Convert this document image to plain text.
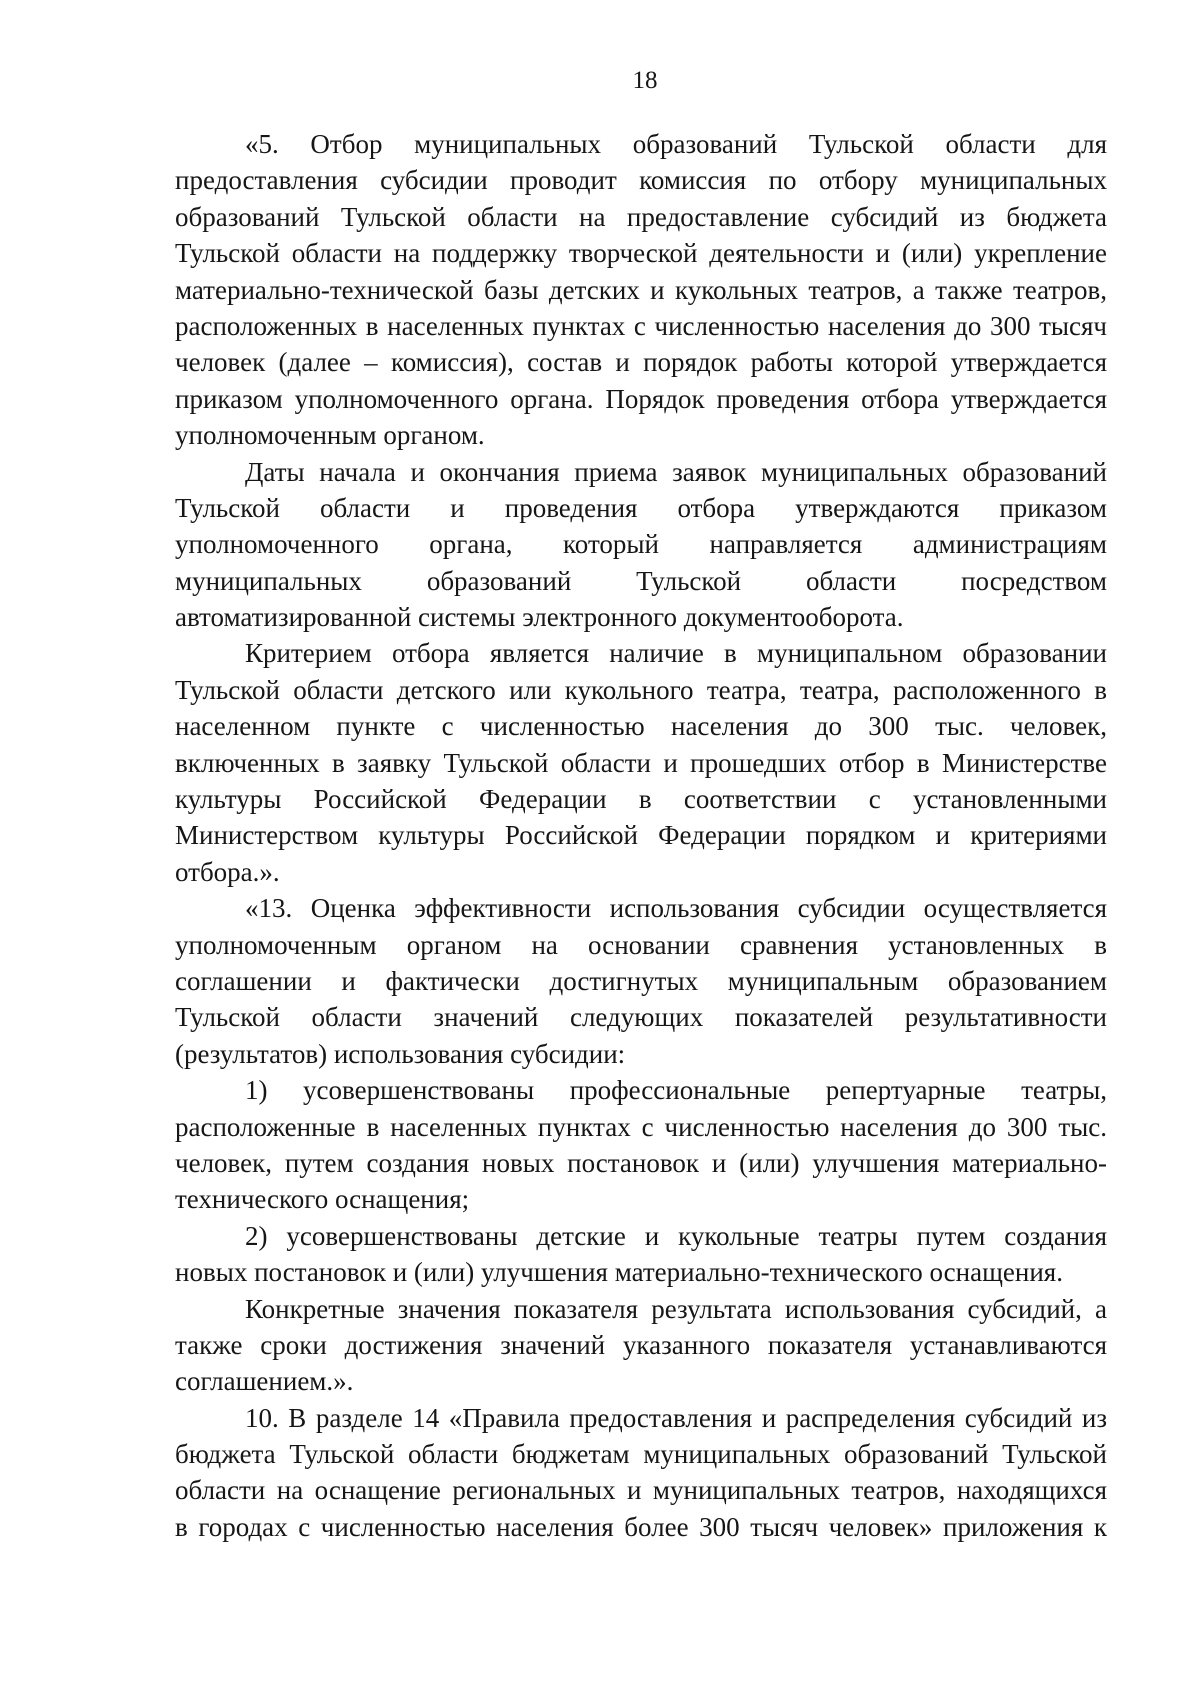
18
«5. Отбор муниципальных образований Тульской области для
предоставления субсидии проводит комиссия по отбору муниципальных
образований Тульской области на предоставление субсидий из бюджета
Тульской области на поддержку творческой деятельности и (или) укрепление
материально-технической базы детских и кукольных театров, а также театров,
расположенных в населенных пунктах с численностью населения до 300 тысяч
человек (далее – комиссия), состав и порядок работы которой утверждается
приказом уполномоченного органа. Порядок проведения отбора утверждается
уполномоченным органом.
Даты начала и окончания приема заявок муниципальных образований
Тульской области и проведения отбора утверждаются приказом
уполномоченного органа, который направляется администрациям
муниципальных образований Тульской области посредством
автоматизированной системы электронного документооборота.
Критерием отбора является наличие в муниципальном образовании
Тульской области детского или кукольного театра, театра, расположенного в
населенном пункте с численностью населения до 300 тыс. человек,
включенных в заявку Тульской области и прошедших отбор в Министерстве
культуры Российской Федерации в соответствии с установленными
Министерством культуры Российской Федерации порядком и критериями
отбора.».
«13. Оценка эффективности использования субсидии осуществляется
уполномоченным органом на основании сравнения установленных в
соглашении и фактически достигнутых муниципальным образованием
Тульской области значений следующих показателей результативности
(результатов) использования субсидии:
1) усовершенствованы профессиональные репертуарные театры,
расположенные в населенных пунктах с численностью населения до 300 тыс.
человек, путем создания новых постановок и (или) улучшения материально-
технического оснащения;
2) усовершенствованы детские и кукольные театры путем создания
новых постановок и (или) улучшения материально-технического оснащения.
Конкретные значения показателя результата использования субсидий, а
также сроки достижения значений указанного показателя устанавливаются
соглашением.».
10. В разделе 14 «Правила предоставления и распределения субсидий из
бюджета Тульской области бюджетам муниципальных образований Тульской
области на оснащение региональных и муниципальных театров, находящихся
в городах с численностью населения более 300 тысяч человек» приложения к
